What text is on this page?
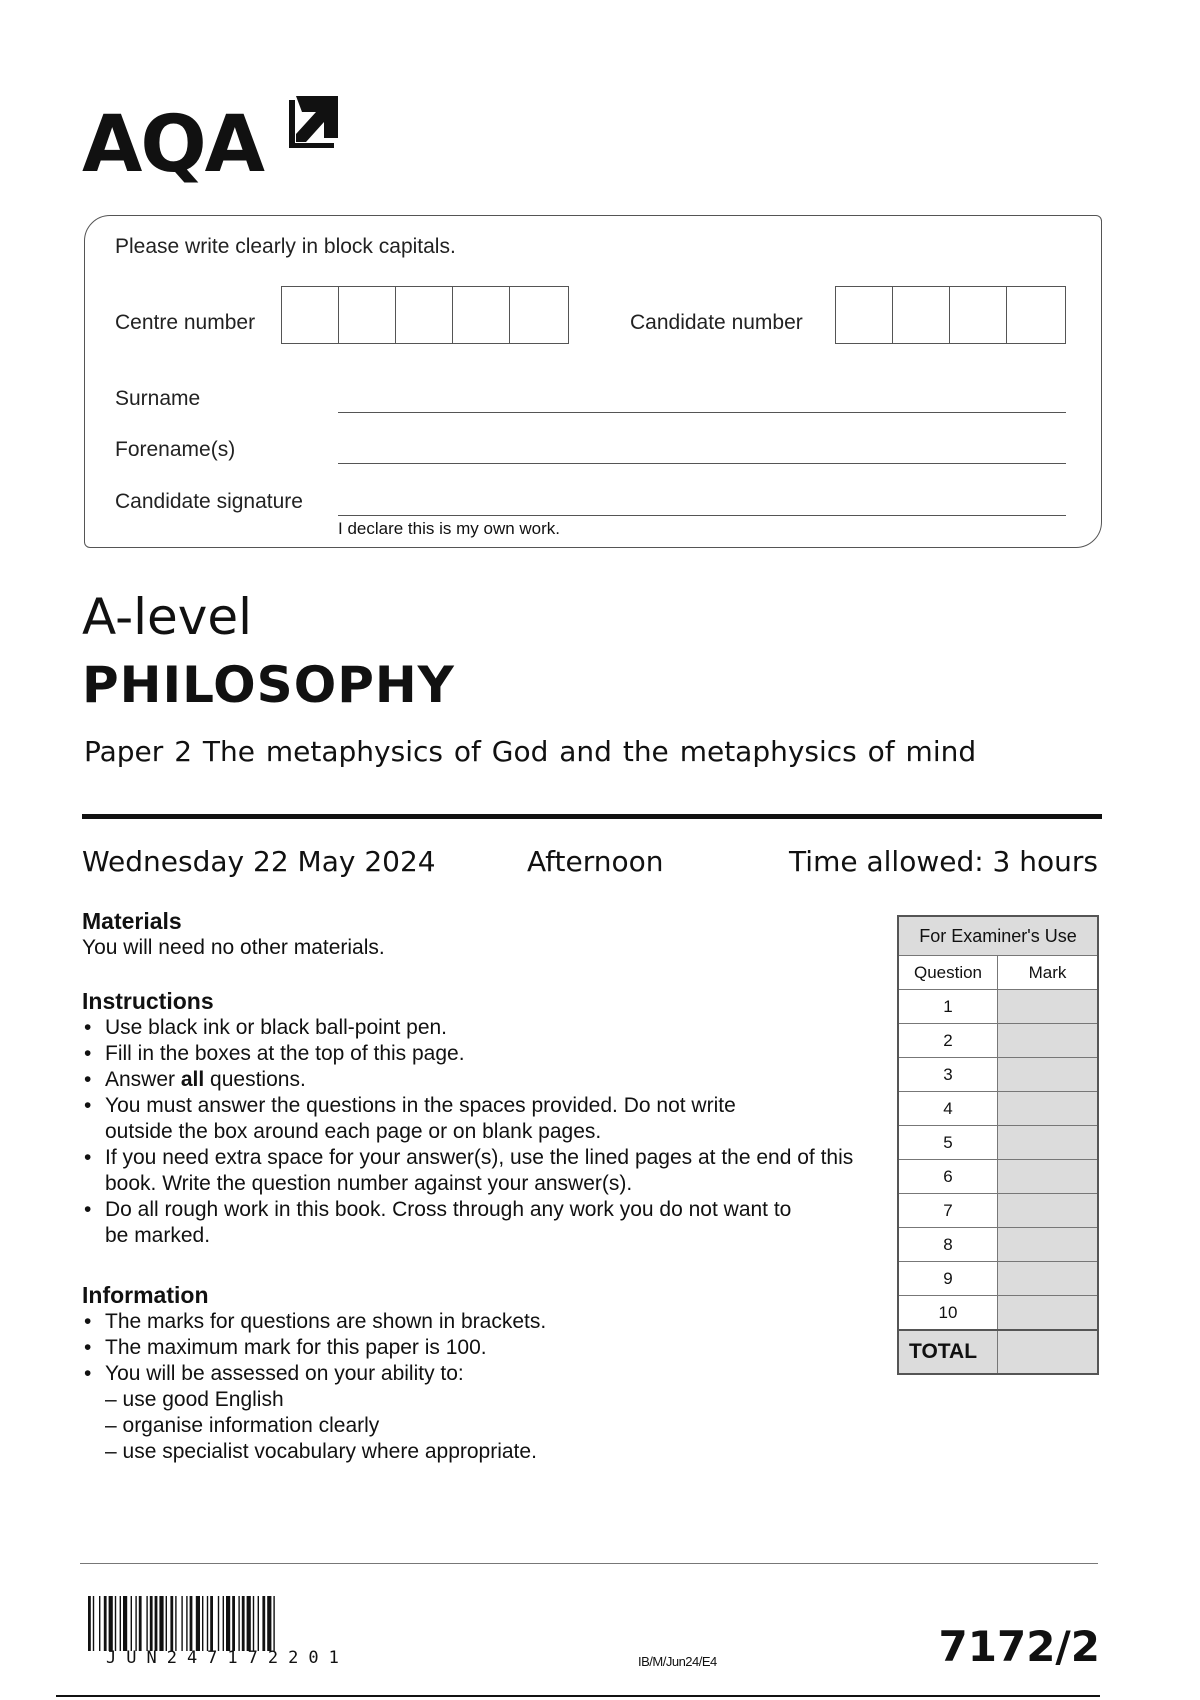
AQA
Please write clearly in block capitals.
Centre number	Candidate number
Surname
Forename(s)
Candidate signature
I declare this is my own work.
A-level
PHILOSOPHY
Paper 2 The metaphysics of God and the metaphysics of mind
Wednesday 22 May 2024	Afternoon	Time allowed: 3 hours
Materials
You will need no other materials.
Instructions
• Use black ink or black ball-point pen.
• Fill in the boxes at the top of this page.
• Answer all questions.
• You must answer the questions in the spaces provided. Do not write outside the box around each page or on blank pages.
• If you need extra space for your answer(s), use the lined pages at the end of this book. Write the question number against your answer(s).
• Do all rough work in this book. Cross through any work you do not want to be marked.
Information
• The marks for questions are shown in brackets.
• The maximum mark for this paper is 100.
• You will be assessed on your ability to:
– use good English
– organise information clearly
– use specialist vocabulary where appropriate.
For Examiner's Use	
Question	Mark
1	
2	
3	
4	
5	
6	
7	
8	
9	
10	
TOTAL	
JUN247172201	IB/M/Jun24/E4	7172/2
